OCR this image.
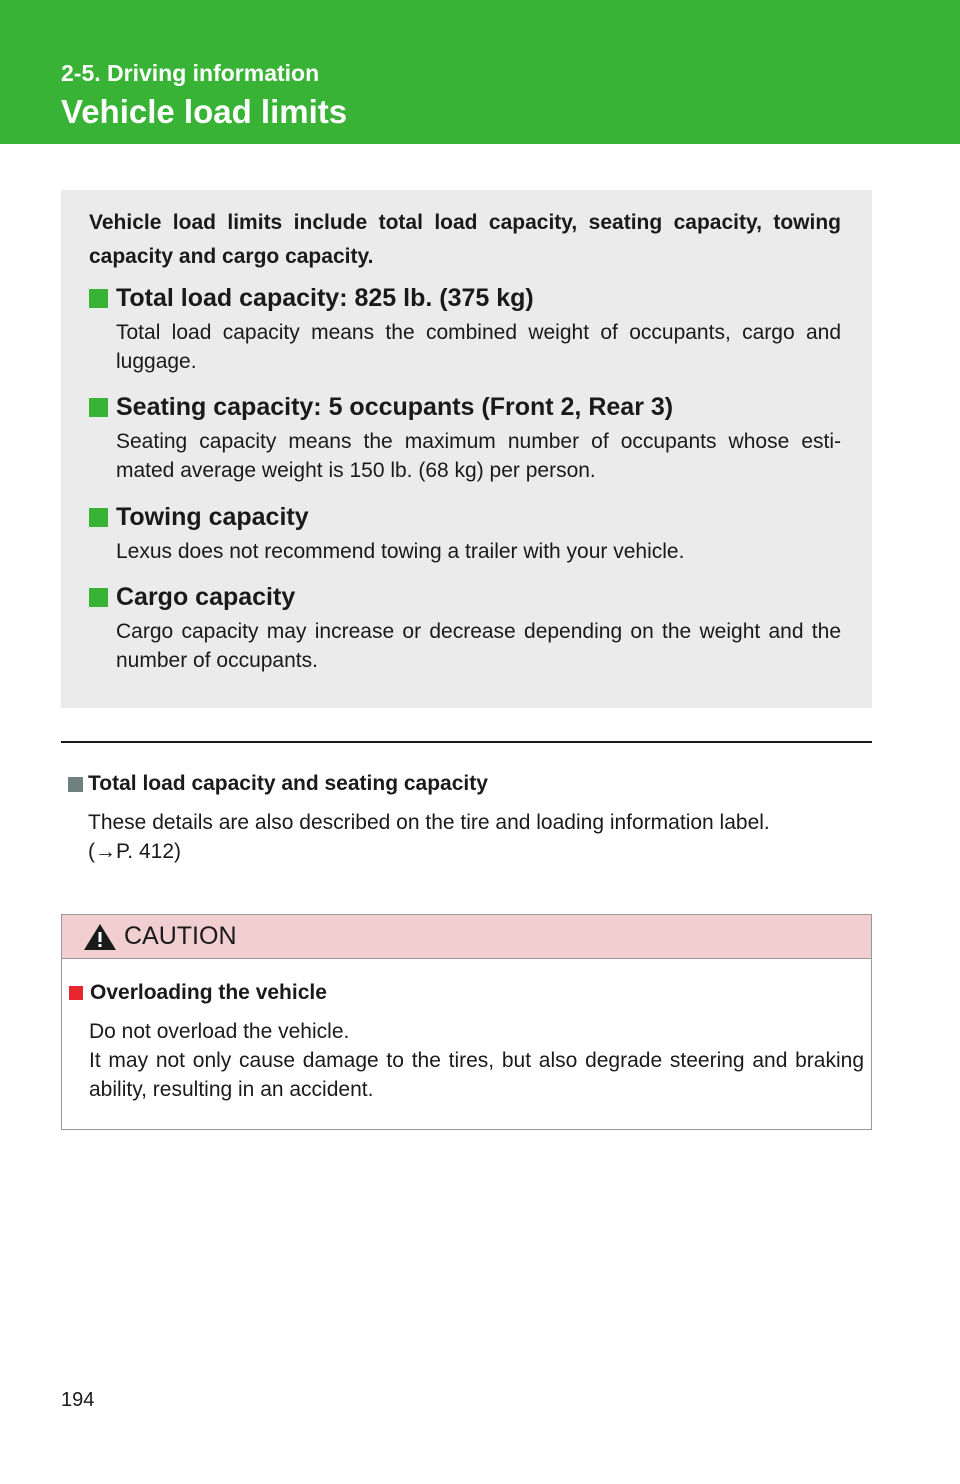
2-5. Driving information
Vehicle load limits
Vehicle load limits include total load capacity, seating capacity, towing capacity and cargo capacity.
Total load capacity: 825 lb. (375 kg)
Total load capacity means the combined weight of occupants, cargo and luggage.
Seating capacity: 5 occupants (Front 2, Rear 3)
Seating capacity means the maximum number of occupants whose esti-mated average weight is 150 lb. (68 kg) per person.
Towing capacity
Lexus does not recommend towing a trailer with your vehicle.
Cargo capacity
Cargo capacity may increase or decrease depending on the weight and the number of occupants.
Total load capacity and seating capacity
These details are also described on the tire and loading information label.
(→P. 412)
CAUTION
Overloading the vehicle
Do not overload the vehicle.
It may not only cause damage to the tires, but also degrade steering and braking ability, resulting in an accident.
194
